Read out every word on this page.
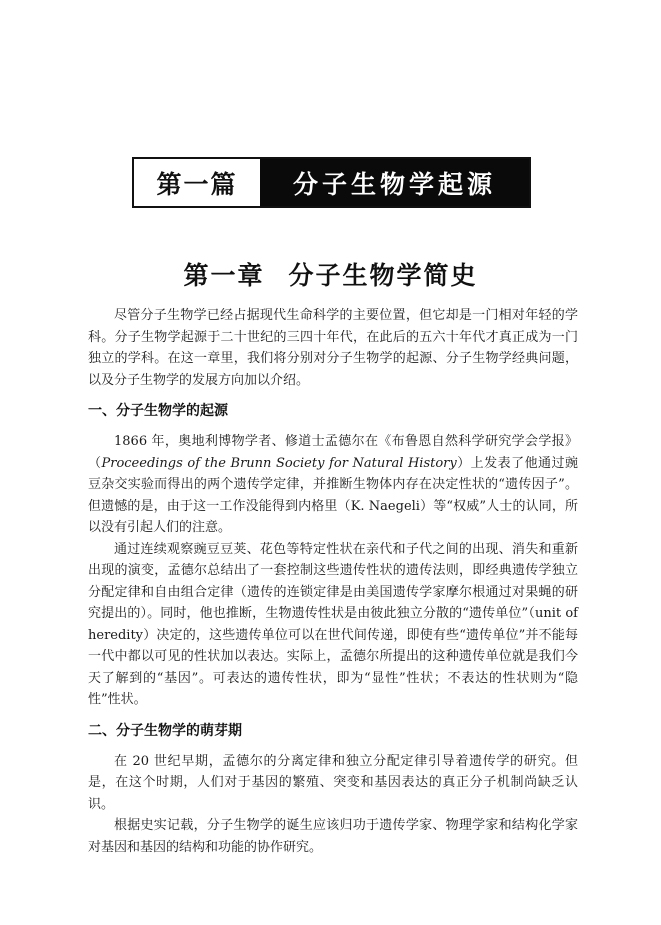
第一篇	分子生物学起源
第一章 分子生物学简史

尽管分子生物学已经占据现代生命科学的主要位置，但它却是一门相对年轻的学科。分子生物学起源于二十世纪的三四十年代，在此后的五六十年代才真正成为一门独立的学科。在这一章里，我们将分别对分子生物学的起源、分子生物学经典问题，以及分子生物学的发展方向加以介绍。

一、分子生物学的起源

1866 年，奥地利博物学者、修道士孟德尔在《布鲁恩自然科学研究学会学报》（Proceedings of the Brunn Society for Natural History）上发表了他通过豌豆杂交实验而得出的两个遗传学定律，并推断生物体内存在决定性状的“遗传因子”。但遗憾的是，由于这一工作没能得到内格里（K. Naegeli）等“权威”人士的认同，所以没有引起人们的注意。

通过连续观察豌豆豆荚、花色等特定性状在亲代和子代之间的出现、消失和重新出现的演变，孟德尔总结出了一套控制这些遗传性状的遗传法则，即经典遗传学独立分配定律和自由组合定律（遗传的连锁定律是由美国遗传学家摩尔根通过对果蝇的研究提出的）。同时，他也推断，生物遗传性状是由彼此独立分散的“遗传单位”（unit of heredity）决定的，这些遗传单位可以在世代间传递，即使有些“遗传单位”并不能每一代中都以可见的性状加以表达。实际上，孟德尔所提出的这种遗传单位就是我们今天了解到的“基因”。可表达的遗传性状，即为“显性”性状；不表达的性状则为“隐性”性状。

二、分子生物学的萌芽期

在 20 世纪早期，孟德尔的分离定律和独立分配定律引导着遗传学的研究。但是，在这个时期，人们对于基因的繁殖、突变和基因表达的真正分子机制尚缺乏认识。

根据史实记载，分子生物学的诞生应该归功于遗传学家、物理学家和结构化学家对基因和基因的结构和功能的协作研究。
